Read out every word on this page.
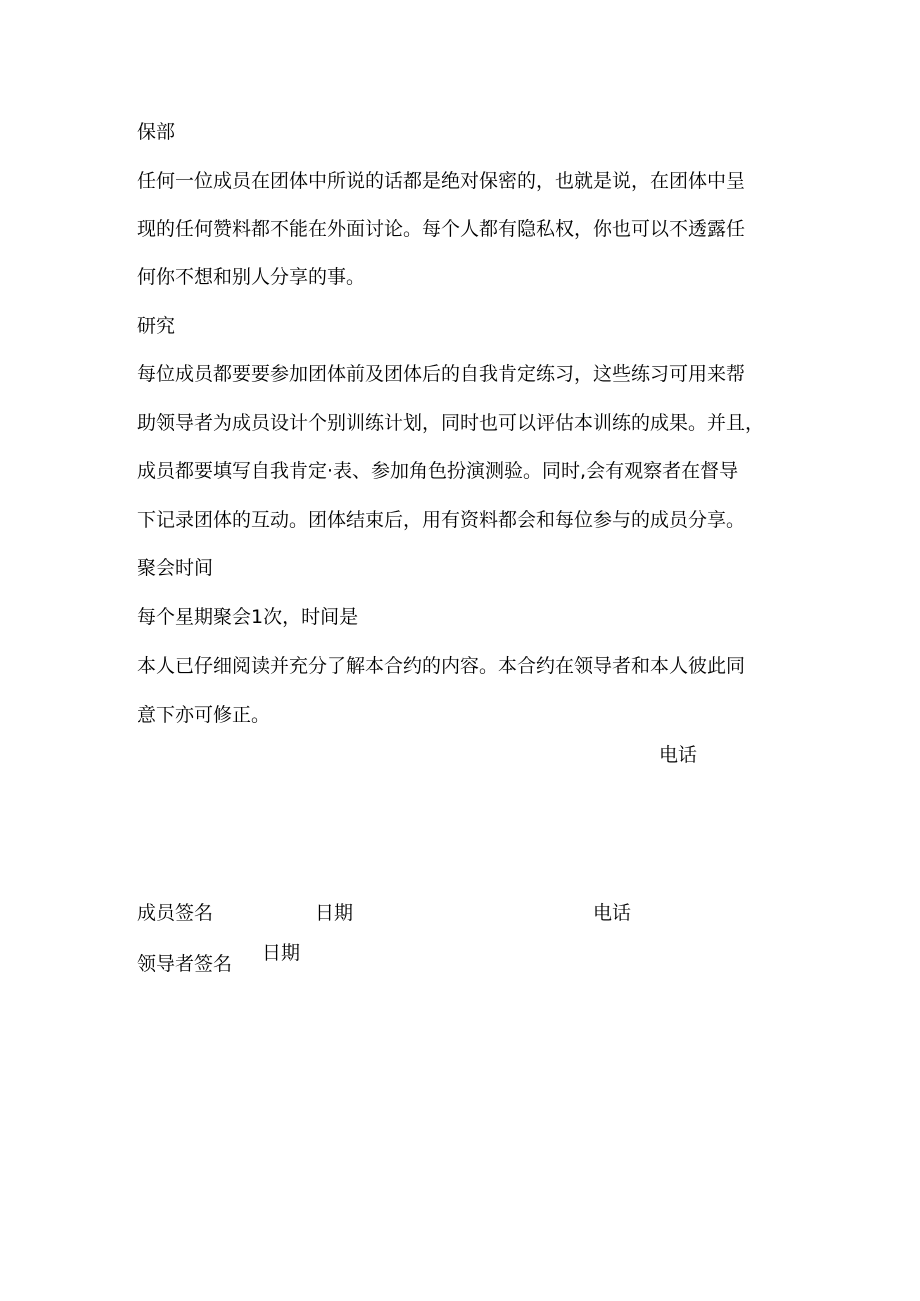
保部

任何一位成员在团体中所说的话都是绝对保密的，也就是说，在团体中呈

现的任何赞料都不能在外面讨论。每个人都有隐私权，你也可以不透露任

何你不想和别人分享的事。

研究

每位成员都要要参加团体前及团体后的自我肯定练习，这些练习可用来帮

助领导者为成员设计个别训练计划，同时也可以评估本训练的成果。并且，

成员都要填写自我肯定·表、参加角色扮演测验。同时,会有观察者在督导

下记录团体的互动。团体结束后，用有资料都会和每位参与的成员分享。

聚会时间

每个星期聚会1次，时间是

本人已仔细阅读并充分了解本合约的内容。本合约在领导者和本人彼此同

意下亦可修正。

电话
成员签名	日期	电话
领导者签名 日期
